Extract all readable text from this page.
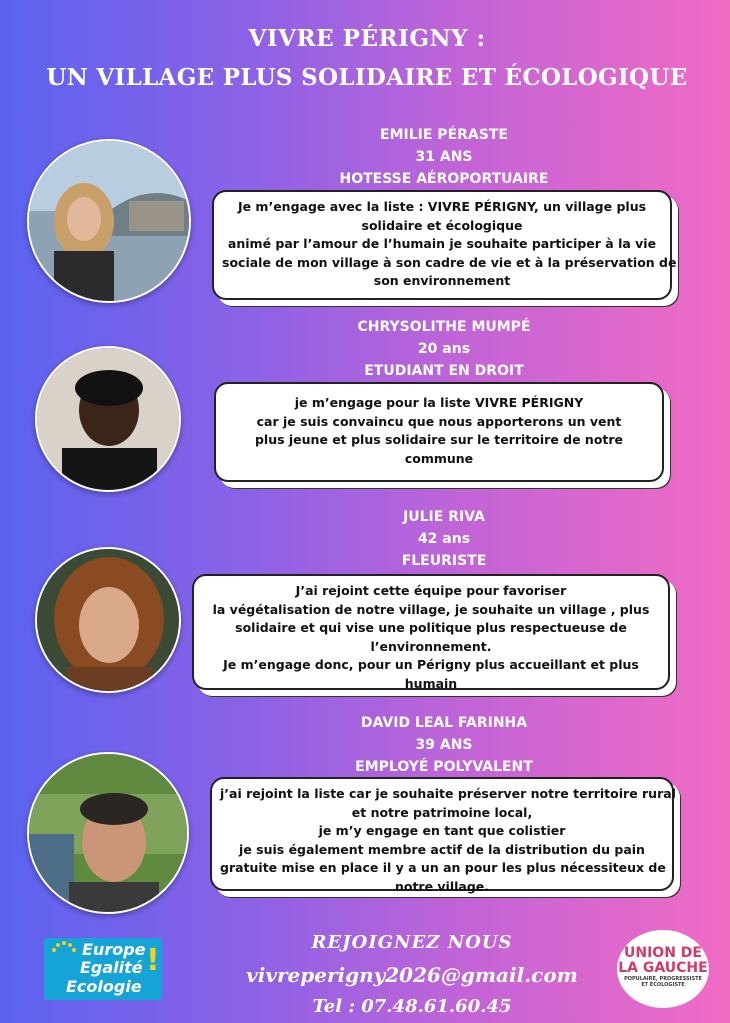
VIVRE PÉRIGNY :
UN VILLAGE PLUS SOLIDAIRE ET ÉCOLOGIQUE
EMILIE PÉRASTE
31 ANS
HOTESSE AÉROPORTUAIRE
Je m’engage avec la liste : VIVRE PÉRIGNY, un village plus
solidaire et écologique
animé par l’amour de l’humain je souhaite participer à la vie
sociale de mon village à son cadre de vie et à la préservation de
son environnement
CHRYSOLITHE MUMPÉ
20 ans
ETUDIANT EN DROIT
je m’engage pour la liste VIVRE PÉRIGNY
car je suis convaincu que nous apporterons un vent
plus jeune et plus solidaire sur le territoire de notre
commune
JULIE RIVA
42 ans
FLEURISTE
J’ai rejoint cette équipe pour favoriser
la végétalisation de notre village, je souhaite un village , plus
solidaire et qui vise une politique plus respectueuse de
l’environnement.
Je m’engage donc, pour un Périgny plus accueillant et plus
humain
DAVID LEAL FARINHA
39 ANS
EMPLOYÉ POLYVALENT
j’ai rejoint la liste car je souhaite préserver notre territoire rural
et notre patrimoine local,
je m’y engage en tant que colistier
je suis également membre actif de la distribution du pain
gratuite mise en place il y a un an pour les plus nécessiteux de
notre village.
Europe
Egalité
Ecologie
!
REJOIGNEZ NOUS
vivreperigny2026@gmail.com
Tel : 07.48.61.60.45
UNION DE
LA GAUCHE
POPULAIRE, PROGRESSISTE
ET ÉCOLOGISTE
